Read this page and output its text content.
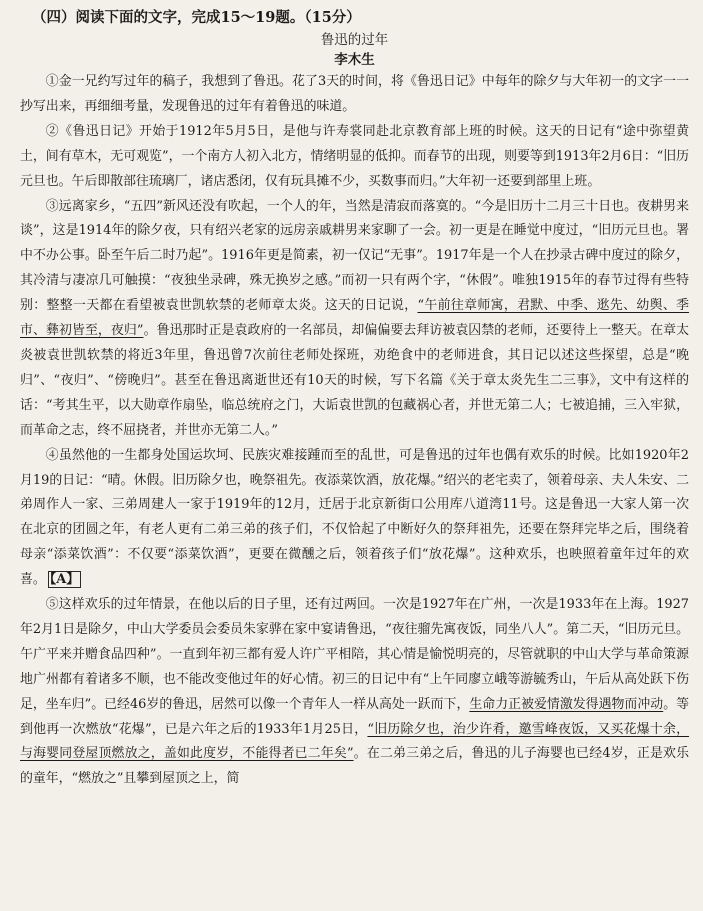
（四）阅读下面的文字，完成15～19题。（15分）
鲁迅的过年
李木生

①金一兄约写过年的稿子，我想到了鲁迅。花了3天的时间，将《鲁迅日记》中每年的除夕与大年初一的文字一一抄写出来，再细细考量，发现鲁迅的过年有着鲁迅的味道。

②《鲁迅日记》开始于1912年5月5日，是他与许寿裳同赴北京教育部上班的时候。这天的日记有“途中弥望黄土，间有草木，无可观览”，一个南方人初入北方，情绪明显的低抑。而春节的出现，则要等到1913年2月6日：“旧历元旦也。午后即散部往琉璃厂，诸店悉闭，仅有玩具摊不少，买数事而归。”大年初一还要到部里上班。

③远离家乡，“五四”新风还没有吹起，一个人的年，当然是清寂而落寞的。“今是旧历十二月三十日也。夜耕男来谈”，这是1914年的除夕夜，只有绍兴老家的远房亲戚耕男来家聊了一会。初一更是在睡觉中度过，“旧历元旦也。署中不办公事。卧至午后二时乃起”。1916年更是简素，初一仅记“无事”。1917年是一个人在抄录古碑中度过的除夕，其冷清与凄凉几可触摸：“夜独坐录碑，殊无换岁之感。”而初一只有两个字，“休假”。唯独1915年的春节过得有些特别：整整一天都在看望被袁世凯软禁的老师章太炎。这天的日记说，“午前往章师寓，君默、中季、逖先、幼舆、季市、彝初皆至，夜归”。鲁迅那时正是袁政府的一名部员，却偏偏要去拜访被袁囚禁的老师，还要待上一整天。在章太炎被袁世凯软禁的将近3年里，鲁迅曾7次前往老师处探班，劝绝食中的老师进食，其日记以述这些探望，总是“晚归”、“夜归”、“傍晚归”。甚至在鲁迅离逝世还有10天的时候，写下名篇《关于章太炎先生二三事》，文中有这样的话：“考其生平，以大勋章作扇坠，临总统府之门，大诟袁世凯的包藏祸心者，并世无第二人；七被追捕，三入牢狱，而革命之志，终不屈挠者，并世亦无第二人。”

④虽然他的一生都身处国运坎坷、民族灾难接踵而至的乱世，可是鲁迅的过年也偶有欢乐的时候。比如1920年2月19的日记：“晴。休假。旧历除夕也，晚祭祖先。夜添菜饮酒，放花爆。”绍兴的老宅卖了，领着母亲、夫人朱安、二弟周作人一家、三弟周建人一家于1919年的12月，迁居于北京新街口公用库八道湾11号。这是鲁迅一大家人第一次在北京的团圆之年，有老人更有二弟三弟的孩子们，不仅恰起了中断好久的祭拜祖先，还要在祭拜完毕之后，围绕着母亲“添菜饮酒”：不仅要“添菜饮酒”，更要在微醺之后，领着孩子们“放花爆”。这种欢乐，也映照着童年过年的欢喜。 【A】

⑤这样欢乐的过年情景，在他以后的日子里，还有过两回。一次是1927年在广州，一次是1933年在上海。1927年2月1日是除夕，中山大学委员会委员朱家骅在家中宴请鲁迅，“夜往骝先寓夜饭，同坐八人”。第二天，“旧历元旦。午广平来并赠食品四种”。一直到年初三都有爱人许广平相陪，其心情是愉悦明亮的，尽管就职的中山大学与革命策源地广州都有着诸多不顺，也不能改变他过年的好心情。初三的日记中有“上午同廖立峨等游毓秀山，午后从高处跃下伤足，坐车归”。已经46岁的鲁迅，居然可以像一个青年人一样从高处一跃而下，生命力正被爱情激发得遇物而冲动。等到他再一次燃放“花爆”，已是六年之后的1933年1月25日，“旧历除夕也，治少许肴，邀雪峰夜饭，又买花爆十余，与海婴同登屋顶燃放之，盖如此度岁，不能得者已二年矣”。在二弟三弟之后，鲁迅的儿子海婴也已经4岁，正是欢乐的童年，“燃放之”且攀到屋顶之上，简
